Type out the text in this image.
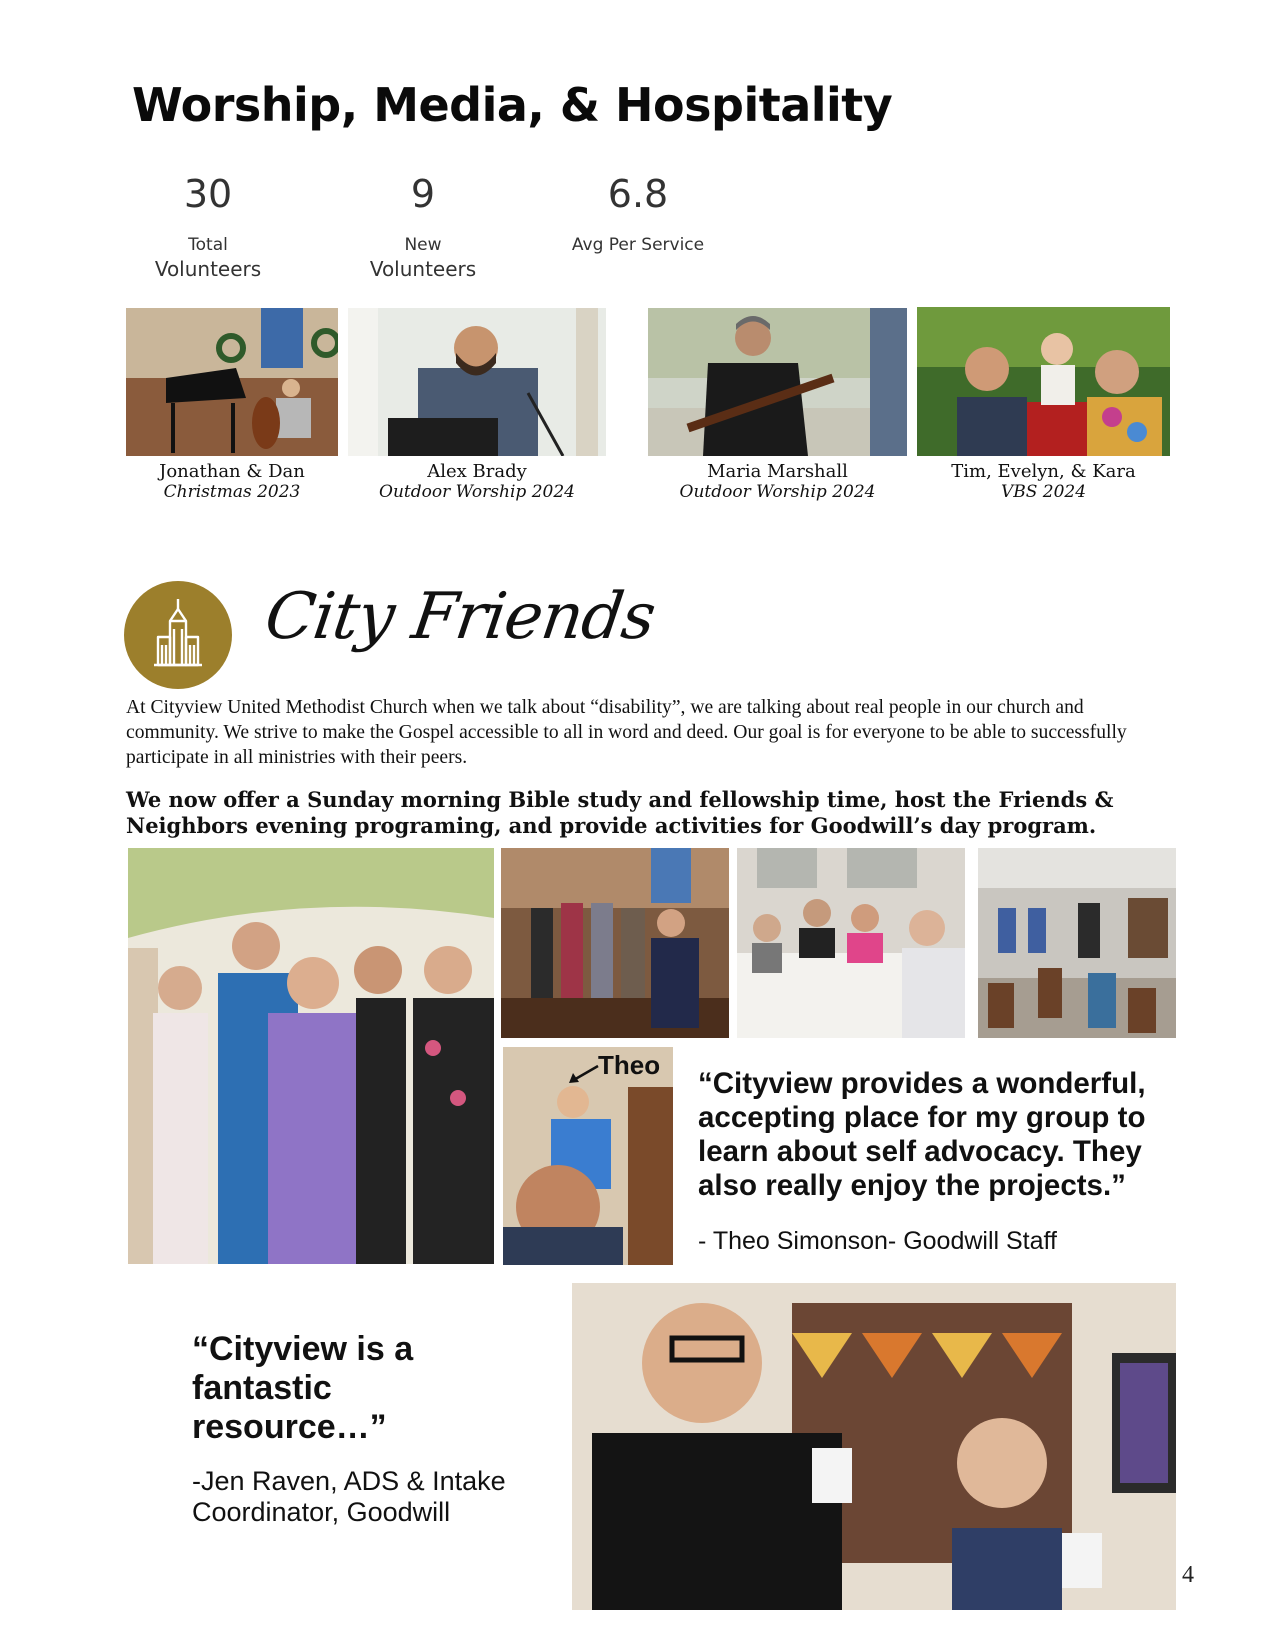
Worship, Media, & Hospitality
30
Total
Volunteers
9
New
Volunteers
6.8
Avg Per Service
Jonathan & Dan
Christmas 2023
Alex Brady
Outdoor Worship 2024
Maria Marshall
Outdoor Worship 2024
Tim, Evelyn, & Kara
VBS 2024
City Friends

At Cityview United Methodist Church when we talk about “disability”, we are talking about real people in our church and community. We strive to make the Gospel accessible to all in word and deed. Our goal is for everyone to be able to successfully participate in all ministries with their peers.

We now offer a Sunday morning Bible study and fellowship time, host the Friends & Neighbors evening programing, and provide activities for Goodwill’s day program.

Theo

“Cityview provides a wonderful, accepting place for my group to learn about self advocacy. They also really enjoy the projects.”

- Theo Simonson- Goodwill Staff

“Cityview is a fantastic resource…”

-Jen Raven, ADS & Intake Coordinator, Goodwill
4
